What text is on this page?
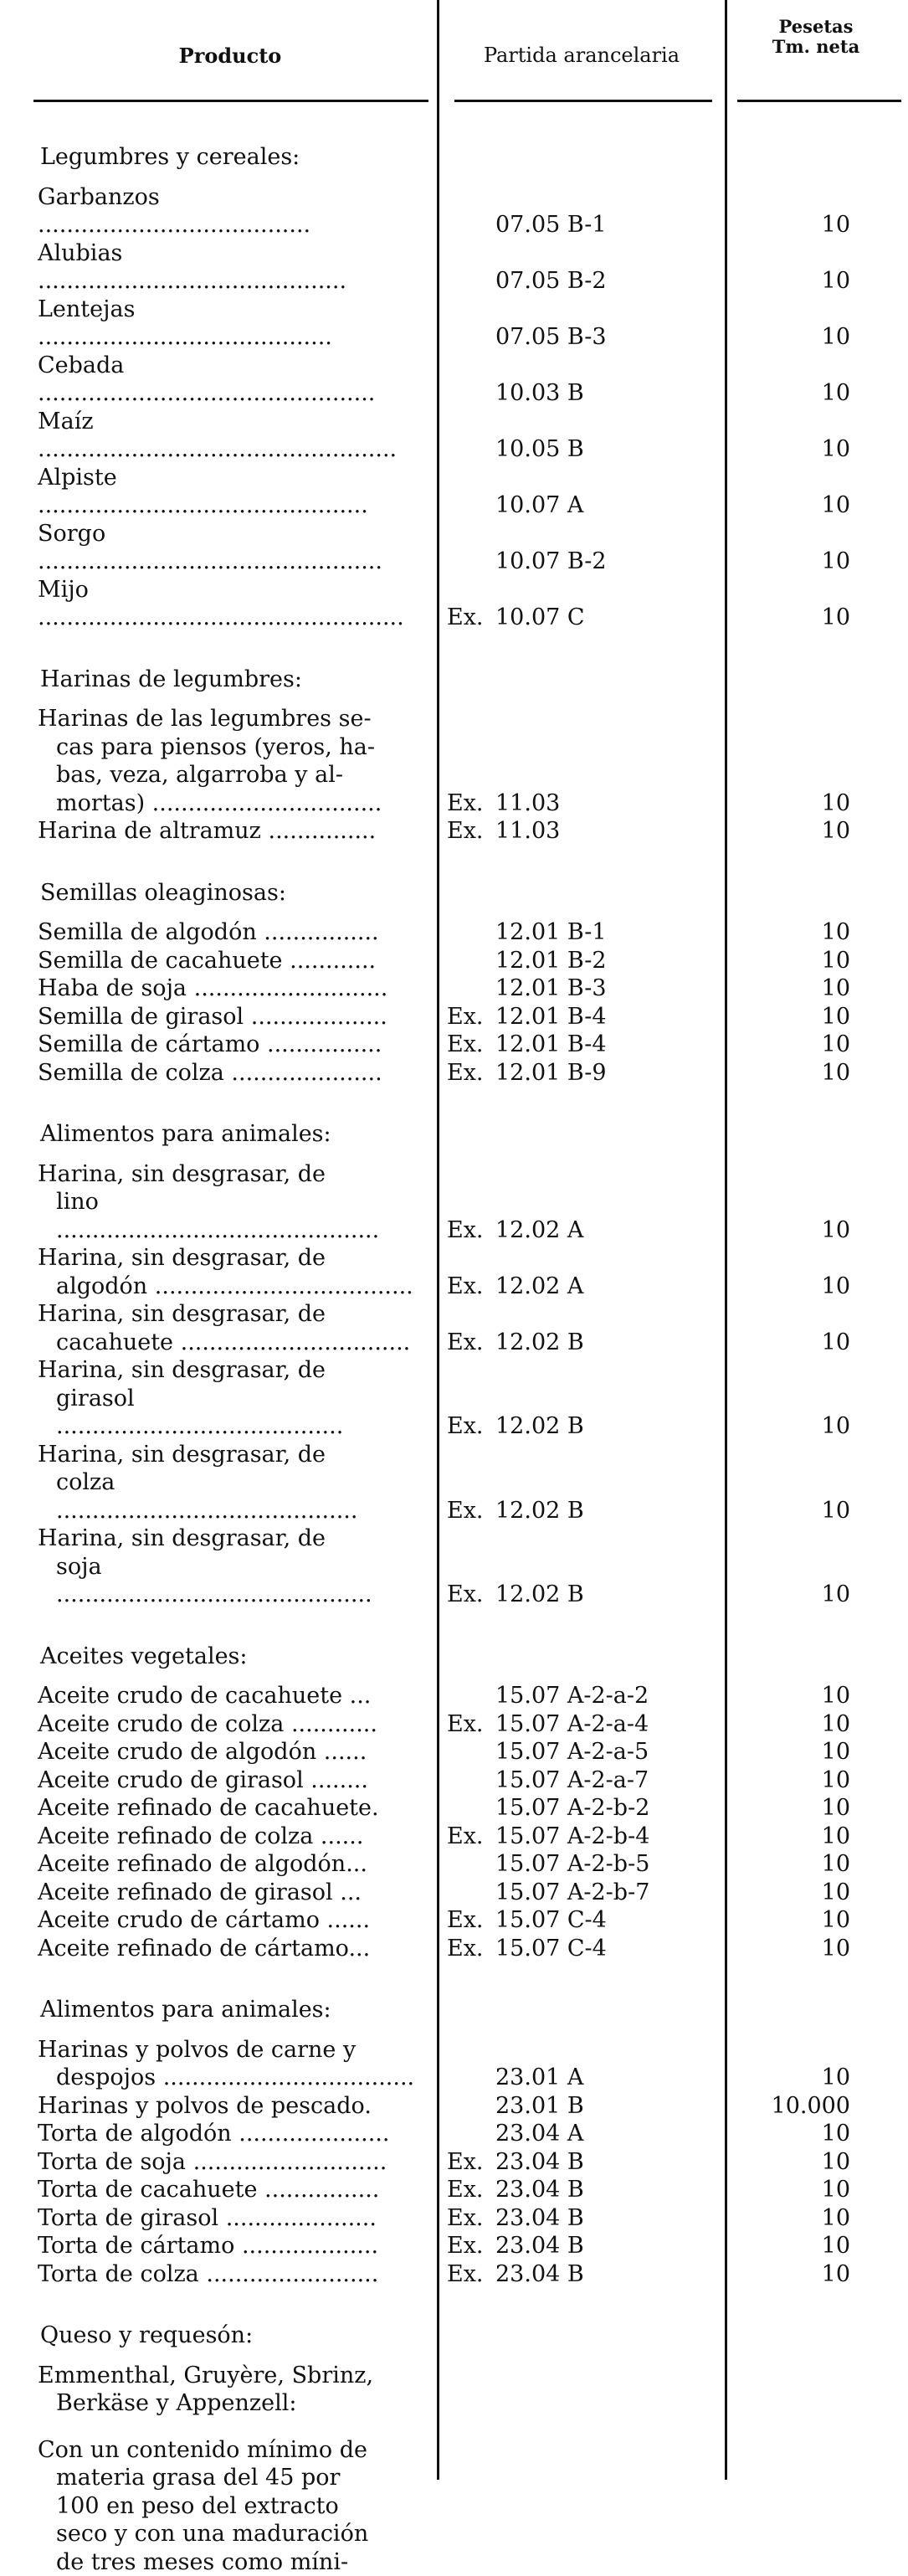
Producto	Partida arancelaria
Pesetas
Tm. neta
Legumbres y cereales:
Garbanzos ......................................	07.05 B-1	10
Alubias ...........................................	07.05 B-2	10
Lentejas .........................................	07.05 B-3	10
Cebada ...............................................	10.03 B	10
Maíz ..................................................	10.05 B	10
Alpiste ..............................................	10.07 A	10
Sorgo ................................................	10.07 B-2	10
Mijo ...................................................	Ex. 10.07 C	10
Harinas de legumbres:
Harinas de las legumbres se-
cas para piensos (yeros, ha-
bas, veza, algarroba y al-
mortas) ................................	Ex. 11.03	10
Harina de altramuz ...............	Ex. 11.03	10
Semillas oleaginosas:
Semilla de algodón ................	12.01 B-1	10
Semilla de cacahuete ............	12.01 B-2	10
Haba de soja ...........................	12.01 B-3	10
Semilla de girasol ...................	Ex. 12.01 B-4	10
Semilla de cártamo ................	Ex. 12.01 B-4	10
Semilla de colza .....................	Ex. 12.01 B-9	10
Alimentos para animales:
Harina, sin desgrasar, de
lino .............................................	Ex. 12.02 A	10
Harina, sin desgrasar, de
algodón ....................................	Ex. 12.02 A	10
Harina, sin desgrasar, de
cacahuete ................................	Ex. 12.02 B	10
Harina, sin desgrasar, de
girasol ........................................	Ex. 12.02 B	10
Harina, sin desgrasar, de
colza ..........................................	Ex. 12.02 B	10
Harina, sin desgrasar, de
soja ............................................	Ex. 12.02 B	10
Aceites vegetales:
Aceite crudo de cacahuete ...	15.07 A-2-a-2	10
Aceite crudo de colza ............	Ex. 15.07 A-2-a-4	10
Aceite crudo de algodón ......	15.07 A-2-a-5	10
Aceite crudo de girasol ........	15.07 A-2-a-7	10
Aceite refinado de cacahuete.	15.07 A-2-b-2	10
Aceite refinado de colza ......	Ex. 15.07 A-2-b-4	10
Aceite refinado de algodón...	15.07 A-2-b-5	10
Aceite refinado de girasol ...	15.07 A-2-b-7	10
Aceite crudo de cártamo ......	Ex. 15.07 C-4	10
Aceite refinado de cártamo...	Ex. 15.07 C-4	10
Alimentos para animales:
Harinas y polvos de carne y
despojos ...................................	23.01 A	10
Harinas y polvos de pescado.	23.01 B	10.000
Torta de algodón .....................	23.04 A	10
Torta de soja ...........................	Ex. 23.04 B	10
Torta de cacahuete ................	Ex. 23.04 B	10
Torta de girasol .....................	Ex. 23.04 B	10
Torta de cártamo ...................	Ex. 23.04 B	10
Torta de colza ........................	Ex. 23.04 B	10
Queso y requesón:
Emmenthal, Gruyère, Sbrinz,
Berkäse y Appenzell:
Con un contenido mínimo de
materia grasa del 45 por
100 en peso del extracto
seco y con una maduración
de tres meses como míni-
